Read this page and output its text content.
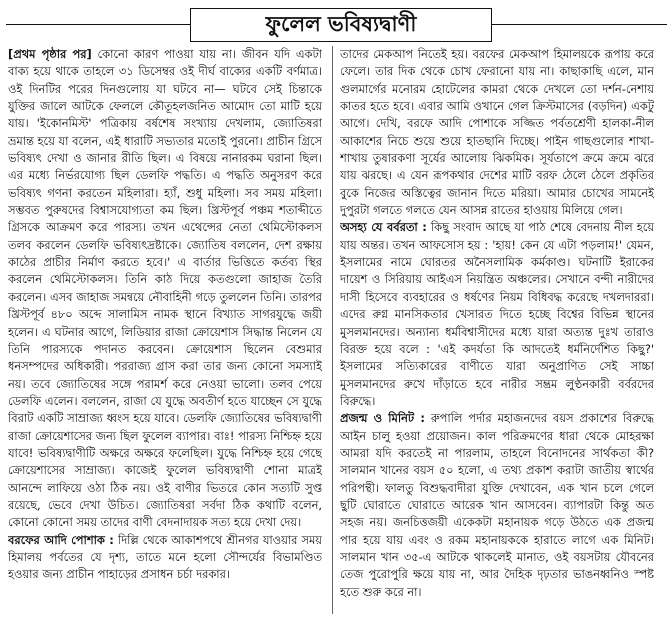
ফুলেল ভবিষ্যদ্বাণী

[প্রথম পৃষ্ঠার পর] কোনো কারণ পাওয়া যায় না। জীবন যদি একটা বাক্য হয়ে থাকে তাহলে ৩১ ডিসেম্বর ওই দীর্ঘ বাক্যের একটি বর্ণমাত্র। ওই দিনটির পরের দিনগুলোয় যা ঘটবে না— ঘটবে সেই চিন্তাকে যুক্তির জালে আটকে ফেললে কৌতূহলজনিত আমোদ তো মাটি হয়ে যায়। 'ইকোনমিস্ট' পত্রিকায় বর্ষশেষ সংখ্যায় দেখলাম, জ্যোতিষরা ভ্রমান্ত হয়ে যা বলেন, এই ধারাটি সভ্যতার মতোই পুরনো। প্রাচীন গ্রিসে ভবিষ্যৎ দেখা ও জানার রীতি ছিল। এ বিষয়ে নানারকম ঘরানা ছিল। এর মধ্যে নির্ভরযোগ্য ছিল ডেলফি পদ্ধতি। এ পদ্ধতি অনুসরণ করে ভবিষ্যৎ গণনা করতেন মহিলারা। হ্যাঁ, শুধু মহিলা। সব সময় মহিলা। সম্ভবত পুরুষদের বিশ্বাসযোগ্যতা কম ছিল। খ্রিস্টপূর্ব পঞ্চম শতাব্দীতে গ্রিসকে আক্রমণ করে পারস্য। তখন এথেন্সের নেতা থেমিস্টোকলস তলব করলেন ডেলফি ভবিষ্যৎদ্রষ্টাকে। জ্যোতিষ বললেন, দেশ রক্ষায় কাঠের প্রাচীর নির্মাণ করতে হবে।' এ বার্তার ভিত্তিতে কর্তব্য স্থির করলেন থেমিস্টোকলস। তিনি কাঠ দিয়ে কতগুলো জাহাজ তৈরি করলেন। এসব জাহাজ সমন্বয়ে নৌবাহিনী গড়ে তুললেন তিনি। তারপর খ্রিস্টপূর্ব ৪৮০ অব্দে সালামিস নামক স্থানে বিখ্যাত সাগরযুদ্ধে জয়ী হলেন। এ ঘটনার আগে, লিডিয়ার রাজা ক্রোয়েশাস সিদ্ধান্ত নিলেন যে তিনি পারস্যকে পদানত করবেন। ক্রোয়েশাস ছিলেন বেশুমার ধনসম্পদের অধিকারী। পররাজ্য গ্রাস করা তার জন্য কোনো সমস্যাই নয়। তবে জ্যোতিষের সঙ্গে পরামর্শ করে নেওয়া ভালো। তলব পেয়ে ডেলফি এলেন। বললেন, রাজা যে যুদ্ধে অবতীর্ণ হতে যাচ্ছেন সে যুদ্ধে বিরাট একটি সাম্রাজ্য ধ্বংস হয়ে যাবে। ডেলফি জ্যোতিষের ভবিষ্যদ্বাণী রাজা ক্রোয়েশাসের জন্য ছিল ফুলেল ব্যাপার। বাঃ! পারস্য নিশ্চিহ্ন হয়ে যাবে! ভবিষ্যদ্বাণীটি অক্ষরে অক্ষরে ফলেছিল। যুদ্ধে নিশ্চিহ্ন হয়ে গেছে ক্রোয়েশাসের সাম্রাজ্য। কাজেই ফুলেল ভবিষ্যদ্বাণী শোনা মাত্রই আনন্দে লাফিয়ে ওঠা ঠিক নয়। ওই বাণীর ভিতরে কোন সত্যটি সুপ্ত রয়েছে, ভেবে দেখা উচিত। জ্যোতিষরা সর্বদা ঠিক কথাটি বলেন, কোনো কোনো সময় তাদের বাণী বেদনাদায়ক সত্য হয়ে দেখা দেয়।

বরফের আদি পোশাক : দিল্লি থেকে আকাশপথে শ্রীনগর যাওয়ার সময় হিমালয় পর্বতের যে দৃশ্য, তাতে মনে হলো সৌন্দর্যের বিভামণ্ডিত হওয়ার জন্য প্রাচীন পাহাড়ের প্রসাধন চর্চা দরকার।

তাদের মেকআপ নিতেই হয়। বরফের মেকআপ হিমালয়কে রূপায় করে ফেলে। তার দিক থেকে চোখ ফেরানো যায় না। কাছাকাছি এলে, মান গুলমার্গের মনোরম হোটেলের কামরা থেকে দেখলে তো দর্শন-নেশায় কাতর হতে হবে। এবার আমি ওখানে গেল ক্রিস্টমাসের (বড়দিন) একটু আগে। দেখি, বরফে আদি পোশাকে সজ্জিত পর্বতশ্রেণী হালকা-নীল আকাশের নিচে শুয়ে শুয়ে হাতছানি দিচ্ছে। পাইন গাছগুলোর শাখা-শাখায় তুষারকণা সূর্যের আলোয় ঝিকমিক। সূর্যতাপে ক্রমে ক্রমে ঝরে যায় ঝরছে। এ যেন রূপকথার দেশের মাটি বরফ ঠেলে ঠেলে প্রকৃতির বুকে নিজের অস্তিত্বের জানান দিতে মরিয়া। আমার চোখের সামনেই দুপুরটা গলতে গলতে যেন আসন্ন রাতের হাওয়ায় মিলিয়ে গেল।

অসহ্য যে বর্বরতা : কিছু সংবাদ আছে যা পাঠ শেষে বেদনায় নীল হয়ে যায় অন্তর। তখন আফসোস হয় : 'হায়! কেন যে এটা পড়লাম!' যেমন, ইসলামের নামে ঘোরতর অনৈসলামিক কর্মকাণ্ড। ঘটনাটি ইরাকের দায়েশ ও সিরিয়ায় আইএস নিয়ন্ত্রিত অঞ্চলের। সেখানে বন্দী নারীদের দাসী হিসেবে ব্যবহারের ও ধর্ষণের নিয়ম বিধিবদ্ধ করেছে দখলদাররা। এদের রুগ্ন মানসিকতার খেসারত দিতে হচ্ছে বিশ্বের বিভিন্ন স্থানের মুসলমানদের। অন্যান্য ধর্মবিশ্বাসীদের মধ্যে যারা অত্যন্ত দুঃখ তারাও বিরক্ত হয়ে বলে : 'এই কদর্যতা কি আদতেই ধর্মনির্দেশিত কিছু?' ইসলামের সত্যিকারের বাণীতে যারা অনুপ্রাণিত সেই সাচ্চা মুসলমানদের রুখে দাঁড়াতে হবে নারীর সম্ভ্রম লুণ্ঠনকারী বর্বরদের বিরুদ্ধে।

প্রজন্ম ও মিনিট : রুপালি পর্দার মহাজনদের বয়স প্রকাশের বিরুদ্ধে আইন চালু হওয়া প্রয়োজন। কাল পরিক্রমণের ধারা থেকে মোহরক্ষা আমরা যদি করতেই না পারলাম, তাহলে বিনোদনের সার্থকতা কী? সালমান খানের বয়স ৫০ হলো, এ তথ্য প্রকাশ করাটা জাতীয় স্বার্থের পরিপন্থী। ফালতু বিশুদ্ধবাদীরা যুক্তি দেখাবেন, এক খান চলে গেলে ছুটি ঘোরাতে ঘোরাতে আরেক খান আসবেন। ব্যাপারটা কিন্তু অত সহজ নয়। জনচিত্তজয়ী একেকটা মহানায়ক গড়ে উঠতে এক প্রজন্ম পার হয়ে যায় এবং ও রকম মহানায়ককে হারাতে লাগে এক মিনিট। সালমান খান ৩৫-এ আটকে থাকলেই মানাত, ওই বয়সটায় যৌবনের তেজ পুরোপুরি ক্ষয়ে যায় না, আর দৈহিক দৃঢ়তার ভাঙনধ্বনিও স্পষ্ট হতে শুরু করে না।
